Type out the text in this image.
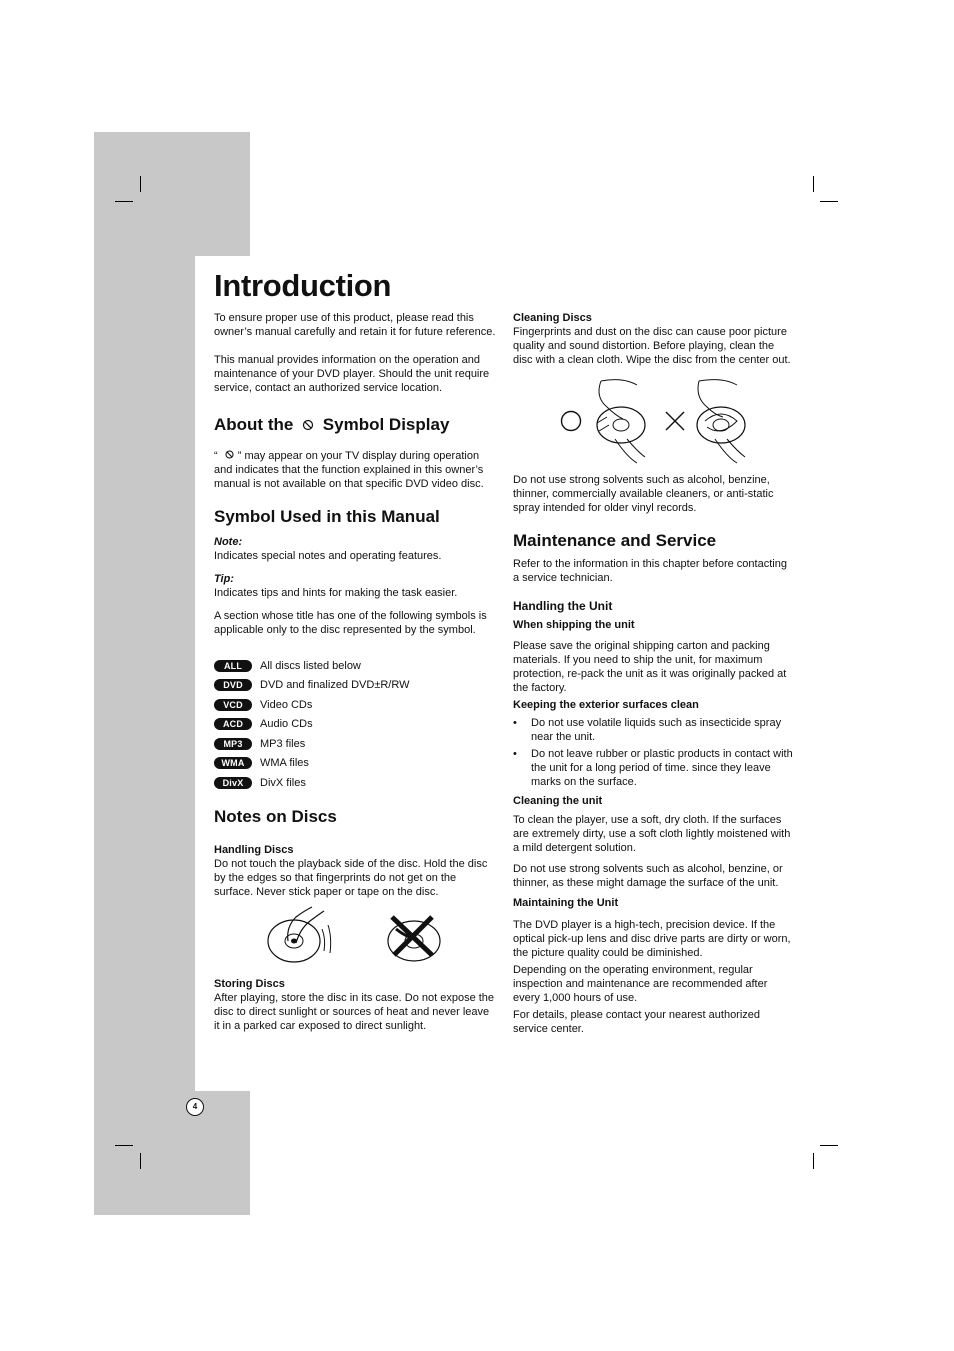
Introduction

To ensure proper use of this product, please read this owner’s manual carefully and retain it for future reference.

This manual provides information on the operation and maintenance of your DVD player. Should the unit require service, contact an authorized service location.

About the Symbol Display

“ ” may appear on your TV display during operation and indicates that the function explained in this owner’s manual is not available on that specific DVD video disc.

Symbol Used in this Manual

Note:

Indicates special notes and operating features.

Tip:

Indicates tips and hints for making the task easier.

A section whose title has one of the following symbols is applicable only to the disc represented by the symbol.

ALL	All discs listed below
DVD	DVD and finalized DVD±R/RW
VCD	Video CDs
ACD	Audio CDs
MP3	MP3 files
WMA	WMA files
DivX	DivX files
Notes on Discs

Handling Discs

Do not touch the playback side of the disc. Hold the disc by the edges so that fingerprints do not get on the surface. Never stick paper or tape on the disc.

Storing Discs

After playing, store the disc in its case. Do not expose the disc to direct sunlight or sources of heat and never leave it in a parked car exposed to direct sunlight.

Cleaning Discs

Fingerprints and dust on the disc can cause poor picture quality and sound distortion. Before playing, clean the disc with a clean cloth. Wipe the disc from the center out.

Do not use strong solvents such as alcohol, benzine, thinner, commercially available cleaners, or anti-static spray intended for older vinyl records.

Maintenance and Service

Refer to the information in this chapter before contacting a service technician.

Handling the Unit

When shipping the unit

Please save the original shipping carton and packing materials. If you need to ship the unit, for maximum protection, re-pack the unit as it was originally packed at the factory.

Keeping the exterior surfaces clean

•	Do not use volatile liquids such as insecticide spray near the unit.
•	Do not leave rubber or plastic products in contact with the unit for a long period of time. since they leave marks on the surface.

Cleaning the unit

To clean the player, use a soft, dry cloth. If the surfaces are extremely dirty, use a soft cloth lightly moistened with a mild detergent solution.

Do not use strong solvents such as alcohol, benzine, or thinner, as these might damage the surface of the unit.

Maintaining the Unit

The DVD player is a high-tech, precision device. If the optical pick-up lens and disc drive parts are dirty or worn, the picture quality could be diminished.

Depending on the operating environment, regular inspection and maintenance are recommended after every 1,000 hours of use.

For details, please contact your nearest authorized service center.

4
